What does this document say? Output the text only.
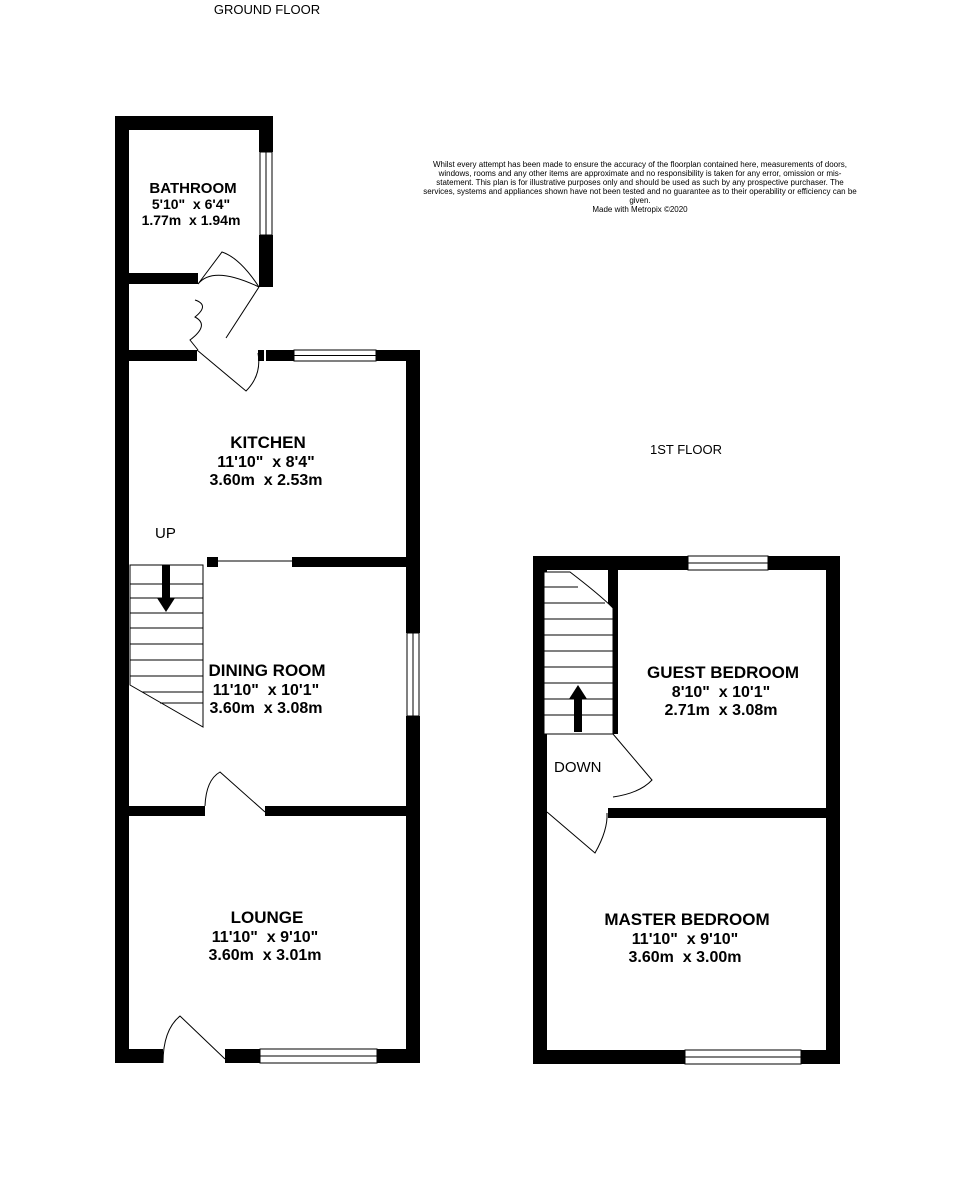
GROUND FLOOR
1ST FLOOR
BATHROOM
5'10"  x 6'4"
1.77m  x 1.94m
KITCHEN
11'10"  x 8'4"
3.60m  x 2.53m
UP
DINING ROOM
11'10"  x 10'1"
3.60m  x 3.08m
LOUNGE
11'10"  x 9'10"
3.60m  x 3.01m
GUEST BEDROOM
8'10"  x 10'1"
2.71m  x 3.08m
DOWN
MASTER BEDROOM
11'10"  x 9'10"
3.60m  x 3.00m

Whilst every attempt has been made to ensure the accuracy of the floorplan contained here, measurements of doors, windows, rooms and any other items are approximate and no responsibility is taken for any error, omission or mis-statement. This plan is for illustrative purposes only and should be used as such by any prospective purchaser. The services, systems and appliances shown have not been tested and no guarantee as to their operability or efficiency can be given.
Made with Metropix ©2020
